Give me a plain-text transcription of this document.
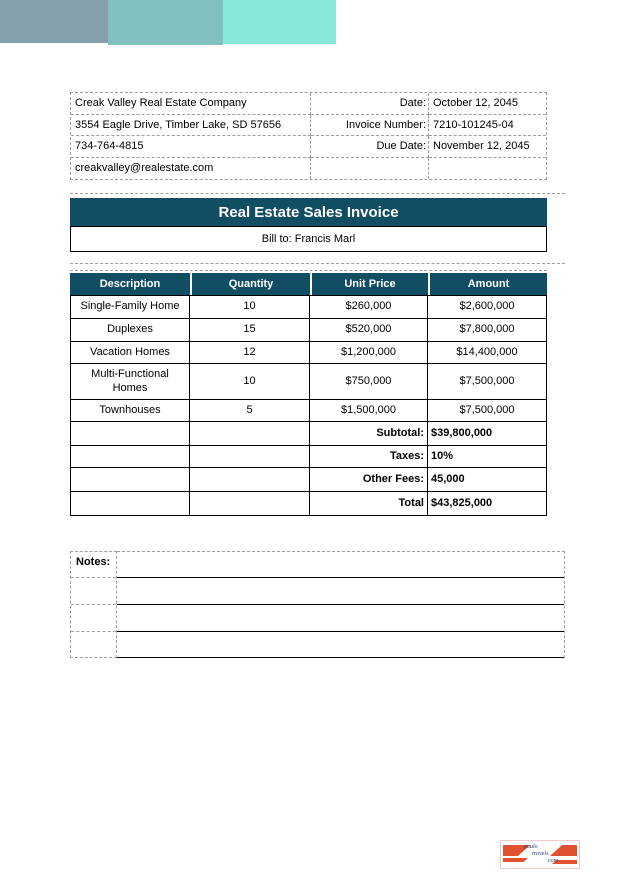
Creak Valley Real Estate Company	Date: October 12, 2045
3554 Eagle Drive, Timber Lake, SD 57656	Invoice Number: 7210-101245-04
734-764-4815	Due Date: November 12, 2045
creakvalley@realestate.com
Real Estate Sales Invoice
Bill to: Francis Marl
Description	Quantity	Unit Price	Amount
Single-Family Home	10	$260,000	$2,600,000
Duplexes	15	$520,000	$7,800,000
Vacation Homes	12	$1,200,000	$14,400,000
Multi-Functional Homes
10	$750,000	$7,500,000
Townhouses	5	$1,500,000	$7,500,000
Subtotal: $39,800,000
Taxes: 10%
Other Fees: 45,000
Total $43,825,000
Notes:
paulo
travels.
com
